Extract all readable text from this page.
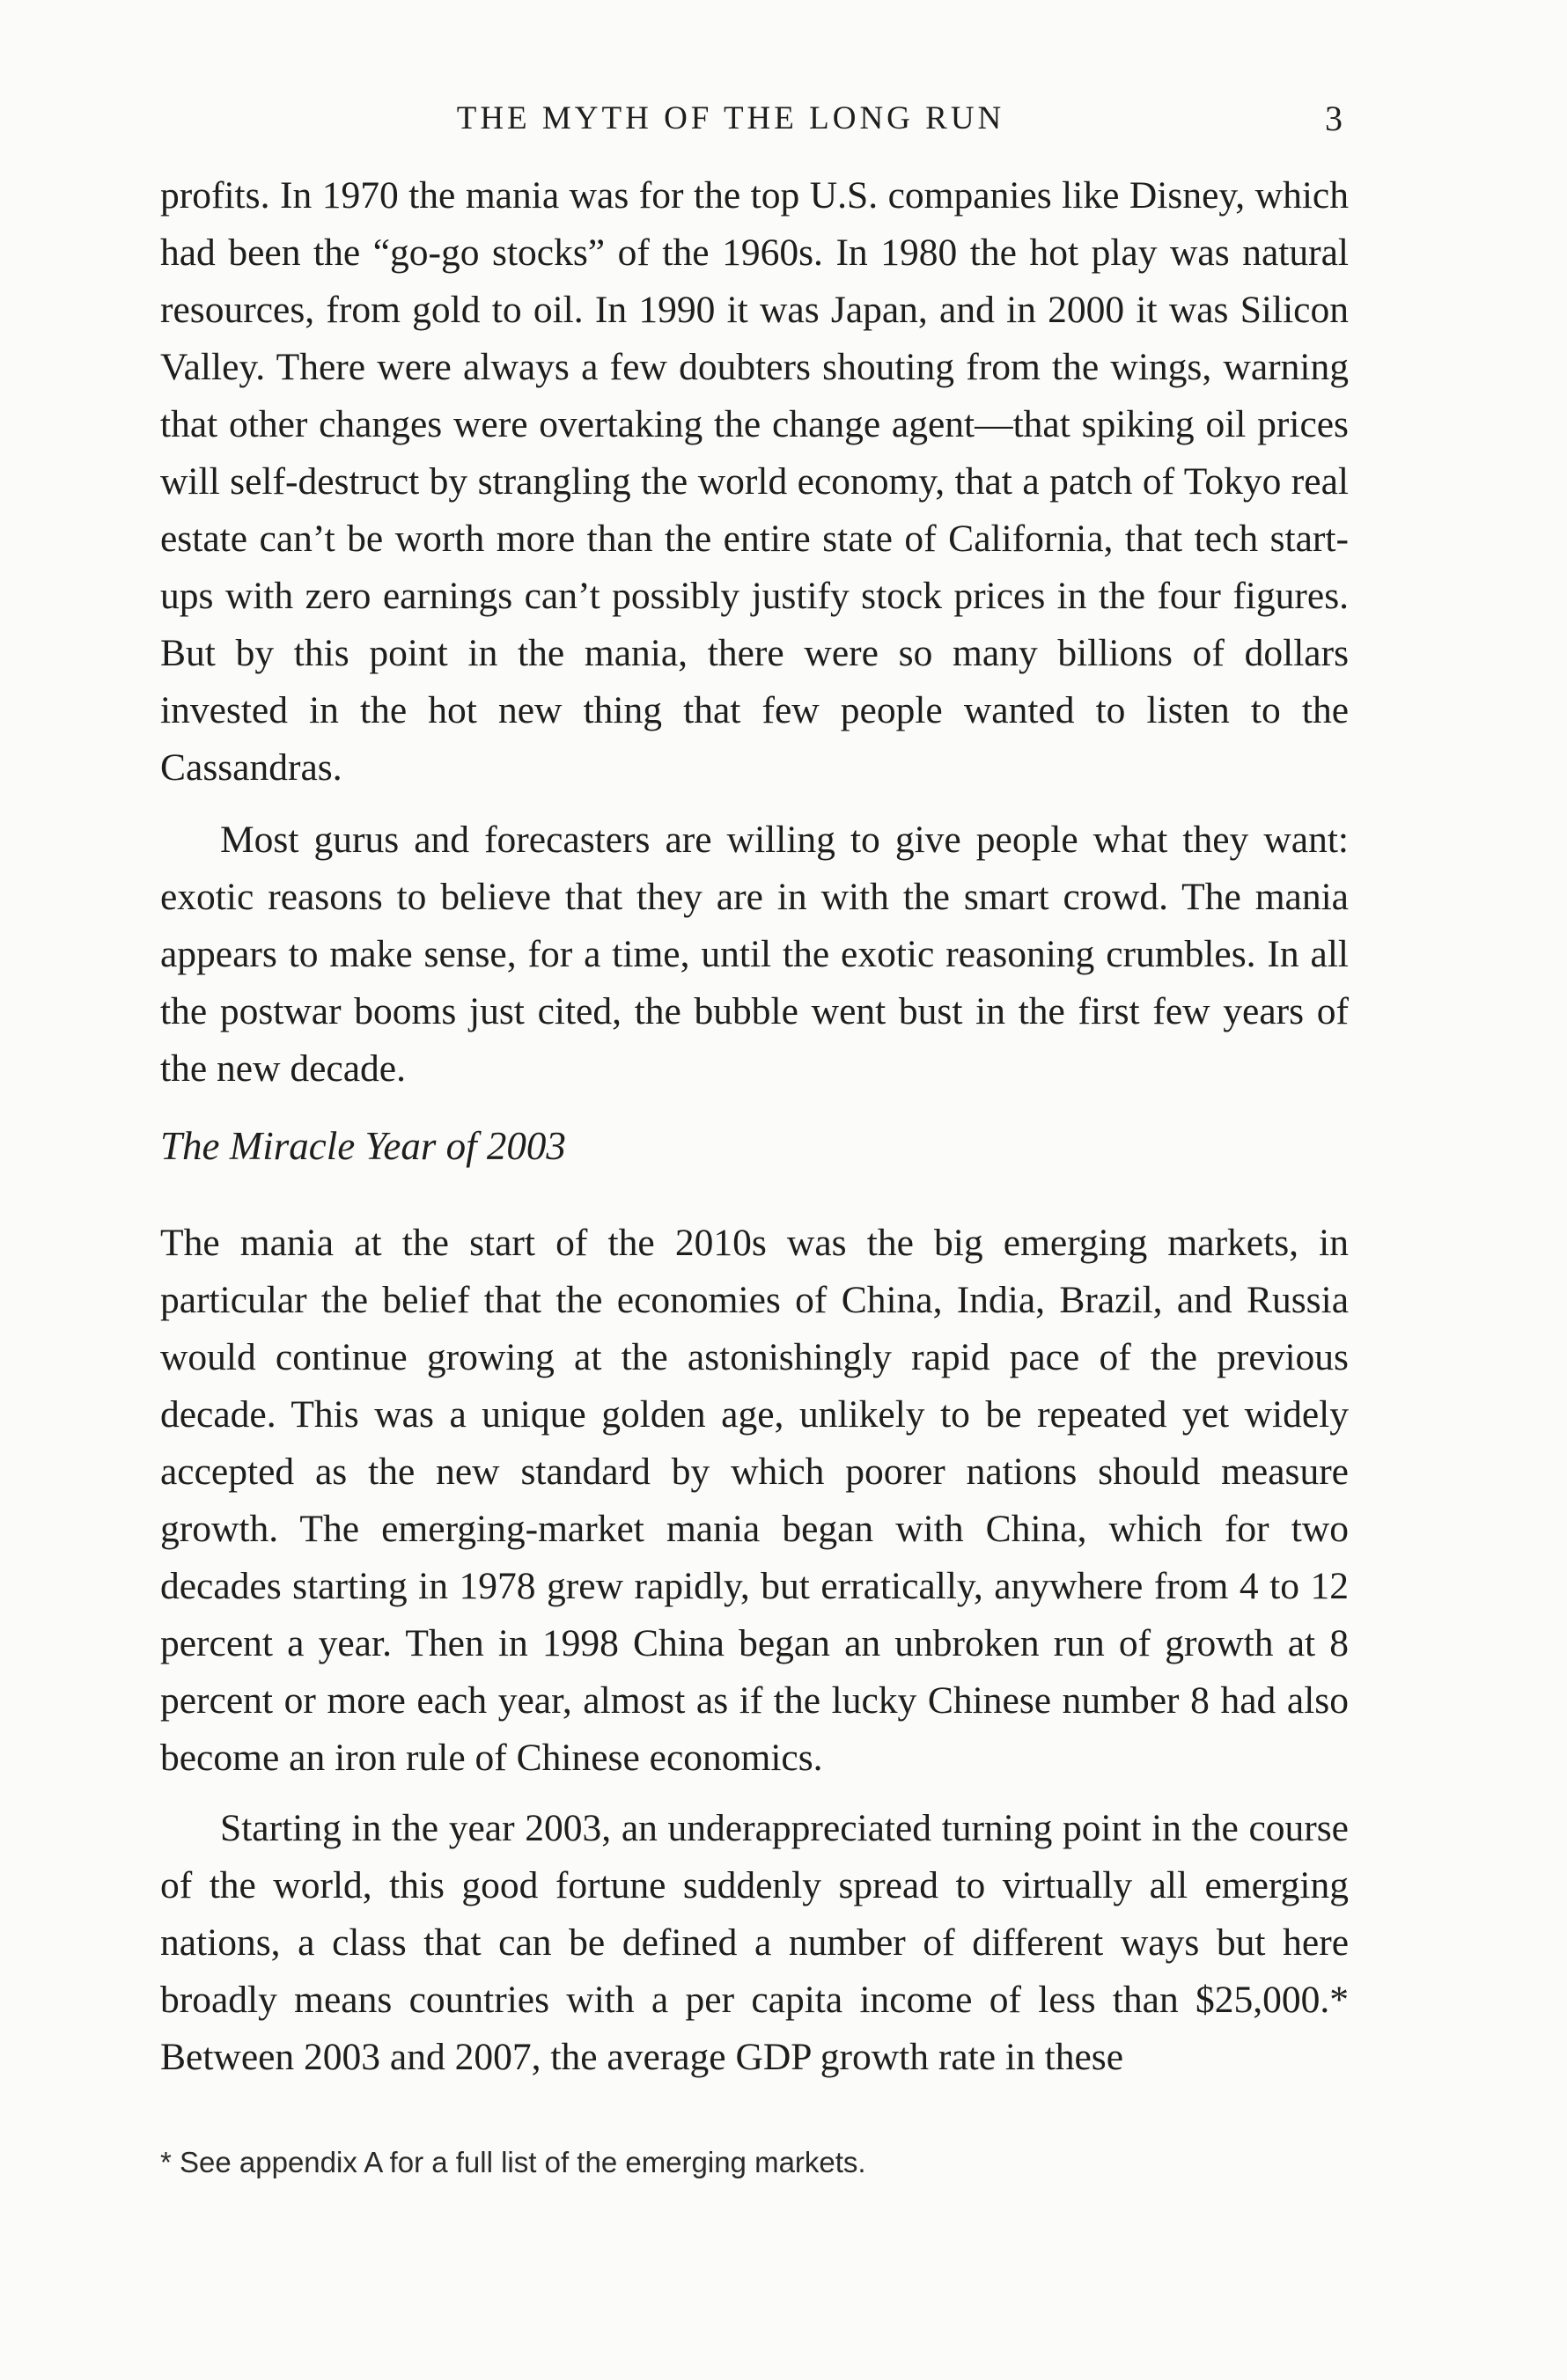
THE MYTH OF THE LONG RUN	3

profits. In 1970 the mania was for the top U.S. companies like Disney, which had been the “go-go stocks” of the 1960s. In 1980 the hot play was natural resources, from gold to oil. In 1990 it was Japan, and in 2000 it was Silicon Valley. There were always a few doubters shouting from the wings, warning that other changes were overtaking the change agent—that spiking oil prices will self-destruct by strangling the world economy, that a patch of Tokyo real estate can’t be worth more than the entire state of California, that tech start-ups with zero earnings can’t possibly justify stock prices in the four figures. But by this point in the mania, there were so many billions of dollars invested in the hot new thing that few people wanted to listen to the Cassandras.

Most gurus and forecasters are willing to give people what they want: exotic reasons to believe that they are in with the smart crowd. The mania appears to make sense, for a time, until the exotic reasoning crumbles. In all the postwar booms just cited, the bubble went bust in the first few years of the new decade.

The Miracle Year of 2003

The mania at the start of the 2010s was the big emerging markets, in particular the belief that the economies of China, India, Brazil, and Russia would continue growing at the astonishingly rapid pace of the previous decade. This was a unique golden age, unlikely to be repeated yet widely accepted as the new standard by which poorer nations should measure growth. The emerging-market mania began with China, which for two decades starting in 1978 grew rapidly, but erratically, anywhere from 4 to 12 percent a year. Then in 1998 China began an unbroken run of growth at 8 percent or more each year, almost as if the lucky Chinese number 8 had also become an iron rule of Chinese economics.

Starting in the year 2003, an underappreciated turning point in the course of the world, this good fortune suddenly spread to virtually all emerging nations, a class that can be defined a number of different ways but here broadly means countries with a per capita income of less than $25,000.* Between 2003 and 2007, the average GDP growth rate in these

* See appendix A for a full list of the emerging markets.
